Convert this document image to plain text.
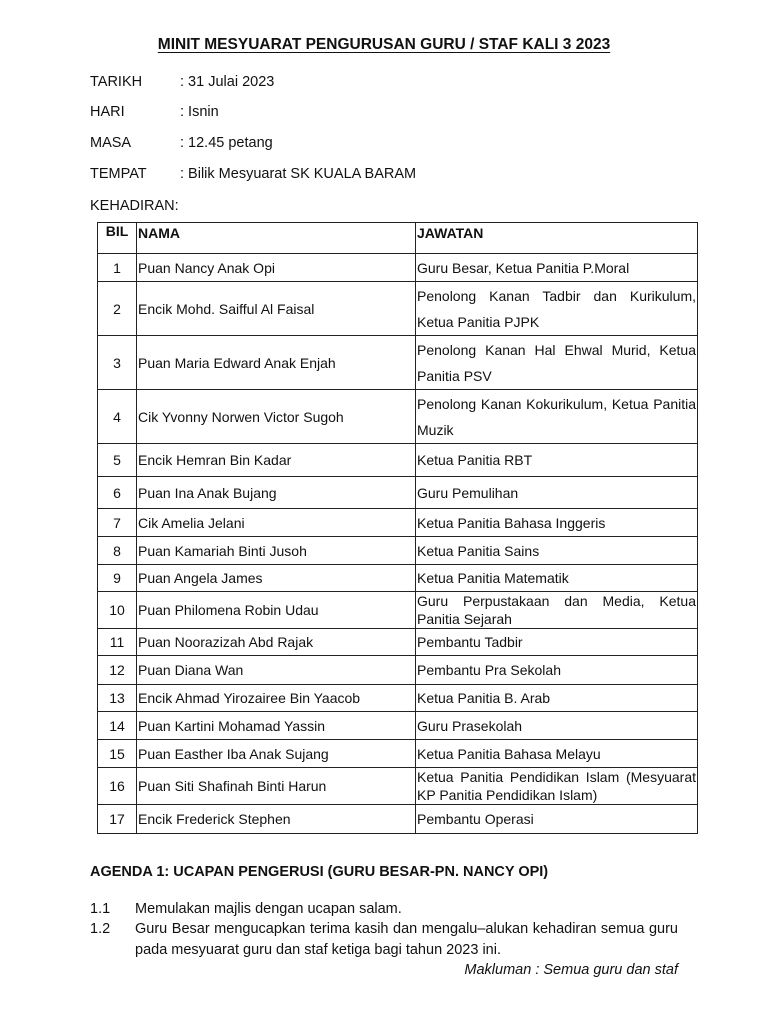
MINIT MESYUARAT PENGURUSAN GURU / STAF KALI 3 2023
TARIKH	: 31 Julai 2023
HARI	: Isnin
MASA	: 12.45 petang
TEMPAT : Bilik Mesyuarat SK KUALA BARAM
KEHADIRAN:
BIL	NAMA	JAWATAN
1	Puan Nancy Anak Opi	Guru Besar, Ketua Panitia P.Moral
2	Encik Mohd. Saifful Al Faisal	Penolong Kanan Tadbir dan Kurikulum, Ketua Panitia PJPK
3	Puan Maria Edward Anak Enjah	Penolong Kanan Hal Ehwal Murid, Ketua Panitia PSV
4	Cik Yvonny Norwen Victor Sugoh	Penolong Kanan Kokurikulum, Ketua Panitia Muzik
5	Encik Hemran Bin Kadar	Ketua Panitia RBT
6	Puan Ina Anak Bujang	Guru Pemulihan
7	Cik Amelia Jelani	Ketua Panitia Bahasa Inggeris
8	Puan Kamariah Binti Jusoh	Ketua Panitia Sains
9	Puan Angela James	Ketua Panitia Matematik
10	Puan Philomena Robin Udau	Guru Perpustakaan dan Media, Ketua Panitia Sejarah
11	Puan Noorazizah Abd Rajak	Pembantu Tadbir
12	Puan Diana Wan	Pembantu Pra Sekolah
13	Encik Ahmad Yirozairee Bin Yaacob	Ketua Panitia B. Arab
14	Puan Kartini Mohamad Yassin	Guru Prasekolah
15	Puan Easther Iba Anak Sujang	Ketua Panitia Bahasa Melayu
16	Puan Siti Shafinah Binti Harun	Ketua Panitia Pendidikan Islam (Mesyuarat KP Panitia Pendidikan Islam)
17	Encik Frederick Stephen	Pembantu Operasi
AGENDA 1: UCAPAN PENGERUSI (GURU BESAR-PN. NANCY OPI)
1.1 Memulakan majlis dengan ucapan salam.
1.2 Guru Besar mengucapkan terima kasih dan mengalu–alukan kehadiran semua guru pada mesyuarat guru dan staf ketiga bagi tahun 2023 ini.
Makluman : Semua guru dan staf
